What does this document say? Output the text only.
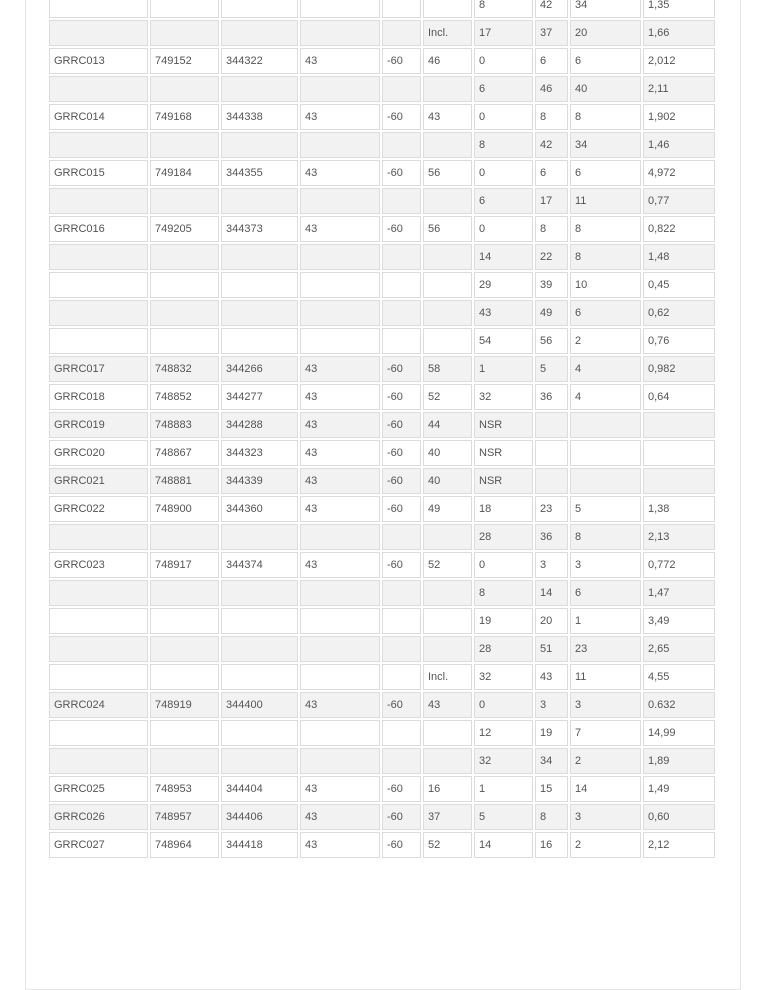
						8	42	34	1,35
					Incl.	17	37	20	1,66
GRRC013	749152	344322	43	-60	46	0	6	6	2,012
						6	46	40	2,11
GRRC014	749168	344338	43	-60	43	0	8	8	1,902
						8	42	34	1,46
GRRC015	749184	344355	43	-60	56	0	6	6	4,972
						6	17	11	0,77
GRRC016	749205	344373	43	-60	56	0	8	8	0,822
						14	22	8	1,48
						29	39	10	0,45
						43	49	6	0,62
						54	56	2	0,76
GRRC017	748832	344266	43	-60	58	1	5	4	0,982
GRRC018	748852	344277	43	-60	52	32	36	4	0,64
GRRC019	748883	344288	43	-60	44	NSR			
GRRC020	748867	344323	43	-60	40	NSR			
GRRC021	748881	344339	43	-60	40	NSR			
GRRC022	748900	344360	43	-60	49	18	23	5	1,38
						28	36	8	2,13
GRRC023	748917	344374	43	-60	52	0	3	3	0,772
						8	14	6	1,47
						19	20	1	3,49
						28	51	23	2,65
					Incl.	32	43	11	4,55
GRRC024	748919	344400	43	-60	43	0	3	3	0.632
						12	19	7	14,99
						32	34	2	1,89
GRRC025	748953	344404	43	-60	16	1	15	14	1,49
GRRC026	748957	344406	43	-60	37	5	8	3	0,60
GRRC027	748964	344418	43	-60	52	14	16	2	2,12
